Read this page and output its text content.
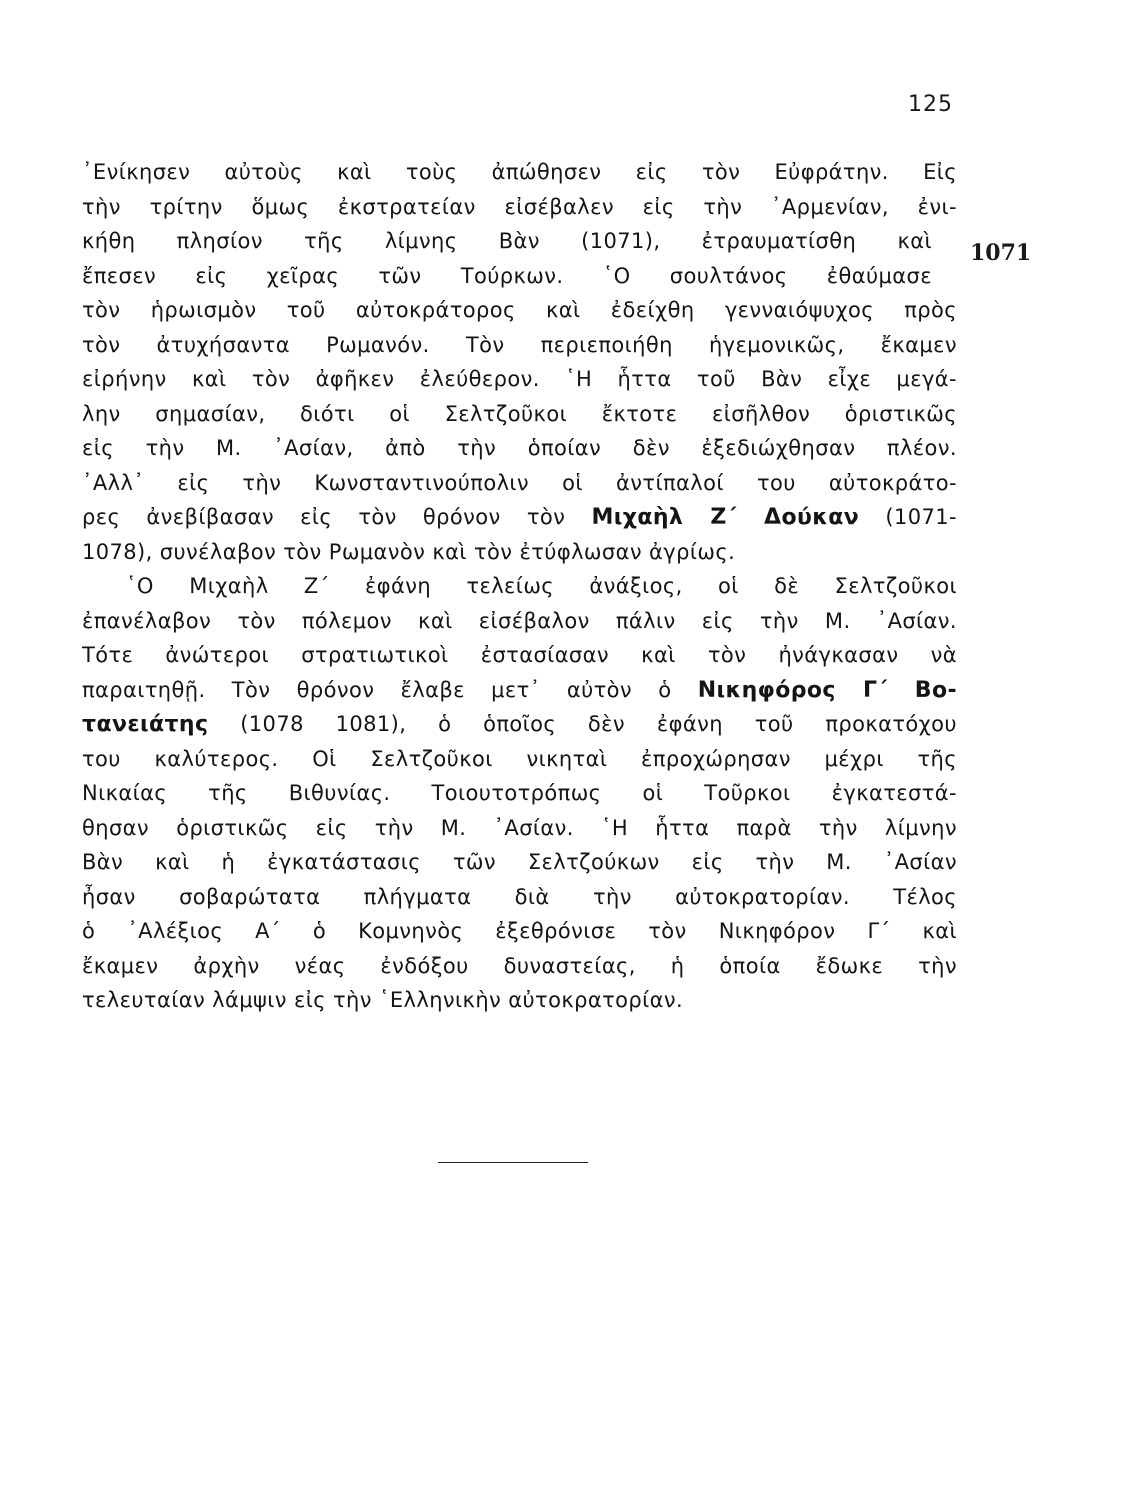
125
1071
᾿Ενίκησεν αὐτοὺς καὶ τοὺς ἀπώθησεν εἰς τὸν Εὐφράτην. Εἰς
τὴν τρίτην ὅμως ἐκστρατείαν εἰσέβαλεν εἰς τὴν ᾿Αρμενίαν, ἐνι-
κήθη πλησίον τῆς λίμνης Βὰν (1071), ἐτραυματίσθη καὶ
ἔπεσεν εἰς χεῖρας τῶν Τούρκων. ῾Ο σουλτάνος ἐθαύμασε
τὸν ἡρωισμὸν τοῦ αὐτοκράτορος καὶ ἐδείχθη γενναιόψυχος πρὸς
τὸν ἀτυχήσαντα Ρωμανόν. Τὸν περιεποιήθη ἡγεμονικῶς, ἔκαμεν
εἰρήνην καὶ τὸν ἀφῆκεν ἐλεύθερον. ῾Η ἧττα τοῦ Βὰν εἶχε μεγά-
λην σημασίαν, διότι οἱ Σελτζοῦκοι ἔκτοτε εἰσῆλθον ὁριστικῶς
εἰς τὴν Μ. ᾿Ασίαν, ἀπὸ τὴν ὁποίαν δὲν ἐξεδιώχθησαν πλέον.
᾿Αλλ᾿ εἰς τὴν Κωνσταντινούπολιν οἱ ἀντίπαλοί του αὐτοκράτο-
ρες ἀνεβίβασαν εἰς τὸν θρόνον τὸν Μιχαὴλ Ζ΄ Δούκαν (1071-
1078), συνέλαβον τὸν Ρωμανὸν καὶ τὸν ἐτύφλωσαν ἀγρίως.
῾Ο Μιχαὴλ Ζ΄ ἐφάνη τελείως ἀνάξιος, οἱ δὲ Σελτζοῦκοι
ἐπανέλαβον τὸν πόλεμον καὶ εἰσέβαλον πάλιν εἰς τὴν Μ. ᾿Ασίαν.
Τότε ἀνώτεροι στρατιωτικοὶ ἐστασίασαν καὶ τὸν ἠνάγκασαν νὰ
παραιτηθῇ. Τὸν θρόνον ἔλαβε μετ᾿ αὐτὸν ὁ Νικηφόρος Γ΄ Βο-
τανειάτης (1078 1081), ὁ ὁποῖος δὲν ἐφάνη τοῦ προκατόχου
του καλύτερος. Οἱ Σελτζοῦκοι νικηταὶ ἐπροχώρησαν μέχρι τῆς
Νικαίας τῆς Βιθυνίας. Τοιουτοτρόπως οἱ Τοῦρκοι ἐγκατεστά-
θησαν ὁριστικῶς εἰς τὴν Μ. ᾿Ασίαν. ῾Η ἧττα παρὰ τὴν λίμνην
Βὰν καὶ ἡ ἐγκατάστασις τῶν Σελτζούκων εἰς τὴν Μ. ᾿Ασίαν
ἦσαν σοβαρώτατα πλήγματα διὰ τὴν αὐτοκρατορίαν. Τέλος
ὁ ᾿Αλέξιος Α΄ ὁ Κομνηνὸς ἐξεθρόνισε τὸν Νικηφόρον Γ΄ καὶ
ἔκαμεν ἀρχὴν νέας ἐνδόξου δυναστείας, ἡ ὁποία ἔδωκε τὴν
τελευταίαν λάμψιν εἰς τὴν ῾Ελληνικὴν αὐτοκρατορίαν.
